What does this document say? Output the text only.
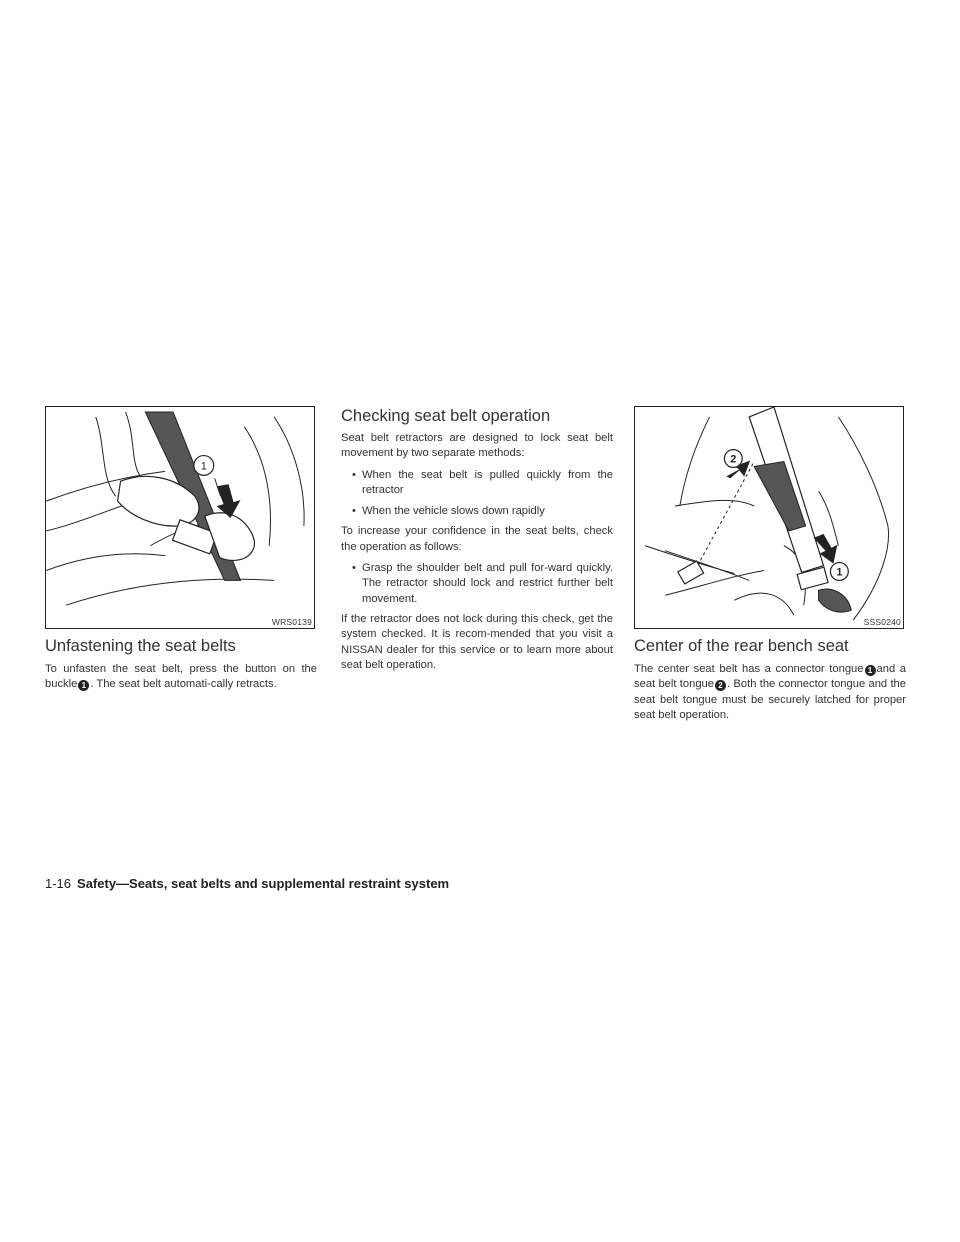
1
WRS0139
Unfastening the seat belts

To unfasten the seat belt, press the button on the buckle 1 . The seat belt automati-cally retracts.

Checking seat belt operation

Seat belt retractors are designed to lock seat belt movement by two separate methods:

• When the seat belt is pulled quickly from the retractor
• When the vehicle slows down rapidly

To increase your confidence in the seat belts, check the operation as follows:

• Grasp the shoulder belt and pull for-ward quickly. The retractor should lock and restrict further belt movement.

If the retractor does not lock during this check, get the system checked. It is recom-mended that you visit a NISSAN dealer for this service or to learn more about seat belt operation.

2
1
SSS0240
Center of the rear bench seat

The center seat belt has a connector tongue 1 and a seat belt tongue 2 . Both the connector tongue and the seat belt tongue must be securely latched for proper seat belt operation.

1-16 Safety—Seats, seat belts and supplemental restraint system
